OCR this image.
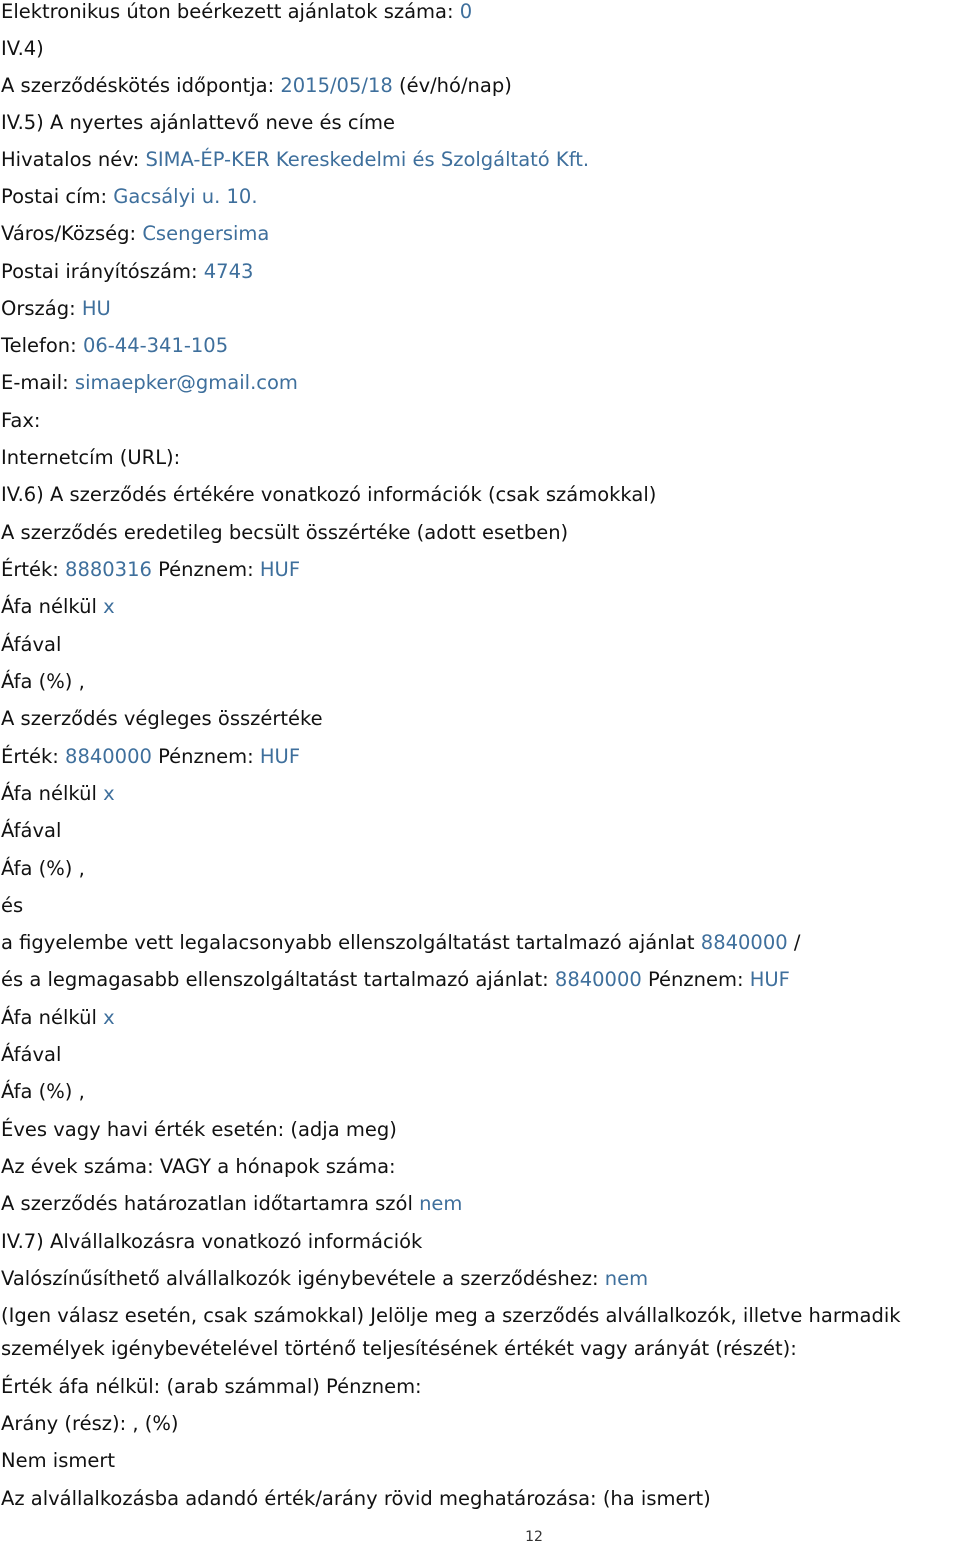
Elektronikus úton beérkezett ajánlatok száma: 0
IV.4)
A szerződéskötés időpontja: 2015/05/18 (év/hó/nap)
IV.5) A nyertes ajánlattevő neve és címe
Hivatalos név: SIMA-ÉP-KER Kereskedelmi és Szolgáltató Kft.
Postai cím: Gacsályi u. 10.
Város/Község: Csengersima
Postai irányítószám: 4743
Ország: HU
Telefon: 06-44-341-105
E-mail: simaepker@gmail.com
Fax:
Internetcím (URL):
IV.6) A szerződés értékére vonatkozó információk (csak számokkal)
A szerződés eredetileg becsült összértéke (adott esetben)
Érték: 8880316 Pénznem: HUF
Áfa nélkül x
Áfával
Áfa (%) ,
A szerződés végleges összértéke
Érték: 8840000 Pénznem: HUF
Áfa nélkül x
Áfával
Áfa (%) ,
és
a figyelembe vett legalacsonyabb ellenszolgáltatást tartalmazó ajánlat 8840000 /
és a legmagasabb ellenszolgáltatást tartalmazó ajánlat: 8840000 Pénznem: HUF
Áfa nélkül x
Áfával
Áfa (%) ,
Éves vagy havi érték esetén: (adja meg)
Az évek száma: VAGY a hónapok száma:
A szerződés határozatlan időtartamra szól nem
IV.7) Alvállalkozásra vonatkozó információk
Valószínűsíthető alvállalkozók igénybevétele a szerződéshez: nem
(Igen válasz esetén, csak számokkal) Jelölje meg a szerződés alvállalkozók, illetve harmadik
személyek igénybevételével történő teljesítésének értékét vagy arányát (részét):
Érték áfa nélkül: (arab számmal) Pénznem:
Arány (rész): , (%)
Nem ismert
Az alvállalkozásba adandó érték/arány rövid meghatározása: (ha ismert)
12
